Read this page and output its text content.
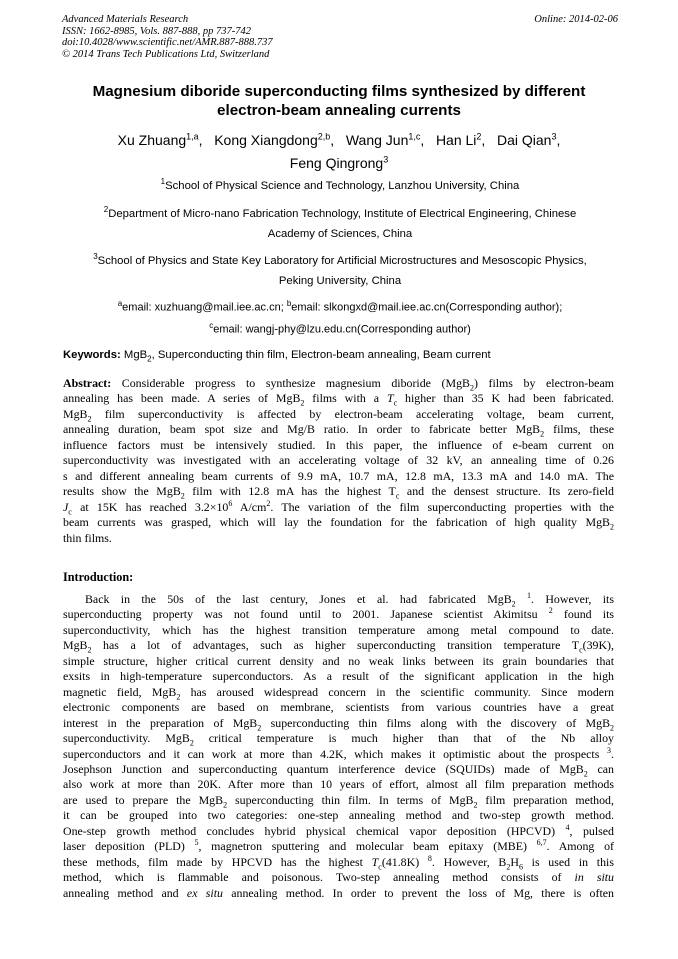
Advanced Materials Research
ISSN: 1662-8985, Vols. 887-888, pp 737-742
doi:10.4028/www.scientific.net/AMR.887-888.737
© 2014 Trans Tech Publications Ltd, Switzerland
Online: 2014-02-06
Magnesium diboride superconducting films synthesized by different
electron-beam annealing currents
Xu Zhuang$^{1,a}$, Kong Xiangdong$^{2,b}$, Wang Jun$^{1,c}$, Han Li$^2$, Dai Qian$^3$,
Feng Qingrong$^3$
$^1$School of Physical Science and Technology, Lanzhou University, China
$^2$Department of Micro-nano Fabrication Technology, Institute of Electrical Engineering, Chinese
Academy of Sciences, China
$^3$School of Physics and State Key Laboratory for Artificial Microstructures and Mesoscopic Physics,
Peking University, China
$^a$email: xuzhuang@mail.iee.ac.cn; $^b$email: slkongxd@mail.iee.ac.cn(Corresponding author);
$^c$email: wangj-phy@lzu.edu.cn(Corresponding author)
Keywords: MgB$_2$, Superconducting thin film, Electron-beam annealing, Beam current
Abstract: Considerable progress to synthesize magnesium diboride (MgB$_2$) films by electron-beam
annealing has been made. A series of MgB$_2$ films with a $T_c$ higher than 35 K had been fabricated.
MgB$_2$ film superconductivity is affected by electron-beam accelerating voltage, beam current,
annealing duration, beam spot size and Mg/B ratio. In order to fabricate better MgB$_2$ films, these
influence factors must be intensively studied. In this paper, the influence of e-beam current on
superconductivity was investigated with an accelerating voltage of 32 kV, an annealing time of 0.26
s and different annealing beam currents of 9.9 mA, 10.7 mA, 12.8 mA, 13.3 mA and 14.0 mA. The
results show the MgB$_2$ film with 12.8 mA has the highest $T_c$ and the densest structure. Its zero-field
$J_c$ at 15K has reached $3.2\times 10^6$ $A/cm^2$. The variation of the film superconducting properties with the
beam currents was grasped, which will lay the foundation for the fabrication of high quality MgB$_2$
thin films.
Introduction:
Back in the 50s of the last century, Jones et al. had fabricated MgB$_2$ $^1$. However, its
superconducting property was not found until to 2001. Japanese scientist Akimitsu $^2$ found its
superconductivity, which has the highest transition temperature among metal compound to date.
MgB$_2$ has a lot of advantages, such as higher superconducting transition temperature $T_c(39K)$,
simple structure, higher critical current density and no weak links between its grain boundaries that
exsits in high-temperature superconductors. As a result of the significant application in the high
magnetic field, MgB$_2$ has aroused widespread concern in the scientific community. Since modern
electronic components are based on membrane, scientists from various countries have a great
interest in the preparation of MgB$_2$ superconducting thin films along with the discovery of MgB$_2$
superconductivity. MgB$_2$ critical temperature is much higher than that of the Nb alloy
superconductors and it can work at more than 4.2K, which makes it optimistic about the prospects $^3$.
Josephson Junction and superconducting quantum interference device (SQUIDs) made of MgB$_2$ can
also work at more than 20K. After more than 10 years of effort, almost all film preparation methods
are used to prepare the MgB$_2$ superconducting thin film. In terms of MgB$_2$ film preparation method,
it can be grouped into two categories: one-step annealing method and two-step growth method.
One-step growth method concludes hybrid physical chemical vapor deposition (HPCVD) $^4$, pulsed
laser deposition (PLD) $^5$, magnetron sputtering and molecular beam epitaxy (MBE) $^{6,7}$. Among of
these methods, film made by HPCVD has the highest $T_c(41.8K)$ $^8$. However, $B_2H_6$ is used in this
method, which is flammable and poisonous. Two-step annealing method consists of in situ
annealing method and ex situ annealing method. In order to prevent the loss of Mg, there is often
